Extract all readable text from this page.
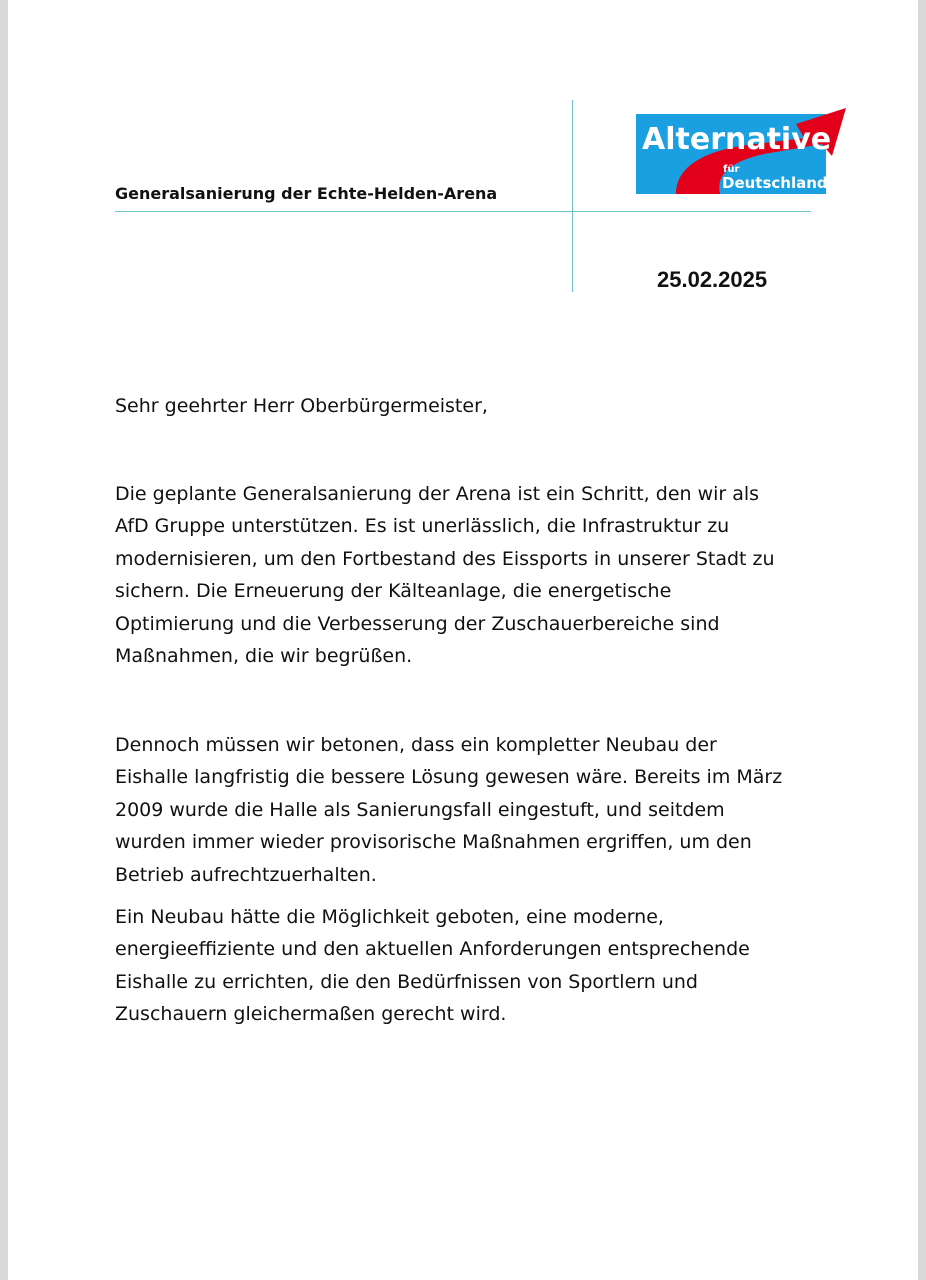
Generalsanierung der Echte-Helden-Arena
Alternative
für
Deutschland
25.02.2025

Sehr geehrter Herr Oberbürgermeister,

Die geplante Generalsanierung der Arena ist ein Schritt, den wir als
AfD Gruppe unterstützen. Es ist unerlässlich, die Infrastruktur zu
modernisieren, um den Fortbestand des Eissports in unserer Stadt zu
sichern. Die Erneuerung der Kälteanlage, die energetische
Optimierung und die Verbesserung der Zuschauerbereiche sind
Maßnahmen, die wir begrüßen.

Dennoch müssen wir betonen, dass ein kompletter Neubau der
Eishalle langfristig die bessere Lösung gewesen wäre. Bereits im März
2009 wurde die Halle als Sanierungsfall eingestuft, und seitdem
wurden immer wieder provisorische Maßnahmen ergriffen, um den
Betrieb aufrechtzuerhalten.

Ein Neubau hätte die Möglichkeit geboten, eine moderne,
energieeffiziente und den aktuellen Anforderungen entsprechende
Eishalle zu errichten, die den Bedürfnissen von Sportlern und
Zuschauern gleichermaßen gerecht wird.
